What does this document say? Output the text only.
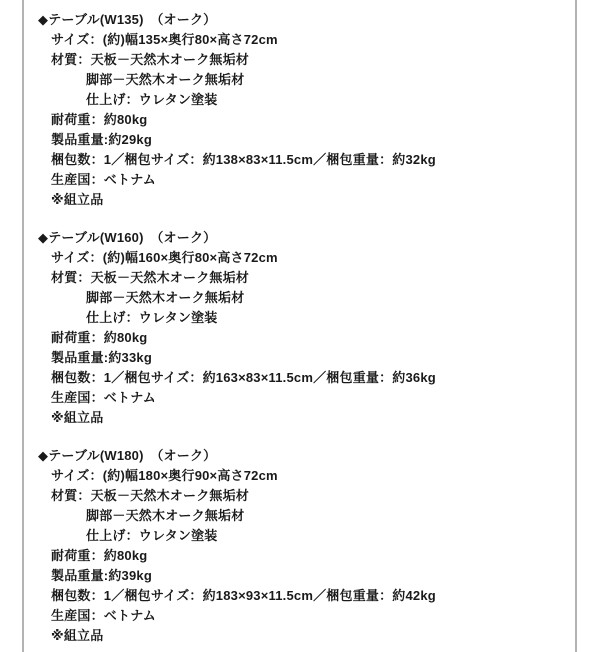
◆テーブル(W135)　（オーク）
サイズ：(約)幅135×奥行80×高さ72cm
材質：天板－天然木オーク無垢材
脚部－天然木オーク無垢材
仕上げ：ウレタン塗装
耐荷重：約80kg
製品重量:約29kg
梱包数：1／梱包サイズ：約138×83×11.5cm／梱包重量：約32kg
生産国：ベトナム
※組立品
◆テーブル(W160)　（オーク）
サイズ：(約)幅160×奥行80×高さ72cm
材質：天板－天然木オーク無垢材
脚部－天然木オーク無垢材
仕上げ：ウレタン塗装
耐荷重：約80kg
製品重量:約33kg
梱包数：1／梱包サイズ：約163×83×11.5cm／梱包重量：約36kg
生産国：ベトナム
※組立品
◆テーブル(W180)　（オーク）
サイズ：(約)幅180×奥行90×高さ72cm
材質：天板－天然木オーク無垢材
脚部－天然木オーク無垢材
仕上げ：ウレタン塗装
耐荷重：約80kg
製品重量:約39kg
梱包数：1／梱包サイズ：約183×93×11.5cm／梱包重量：約42kg
生産国：ベトナム
※組立品
